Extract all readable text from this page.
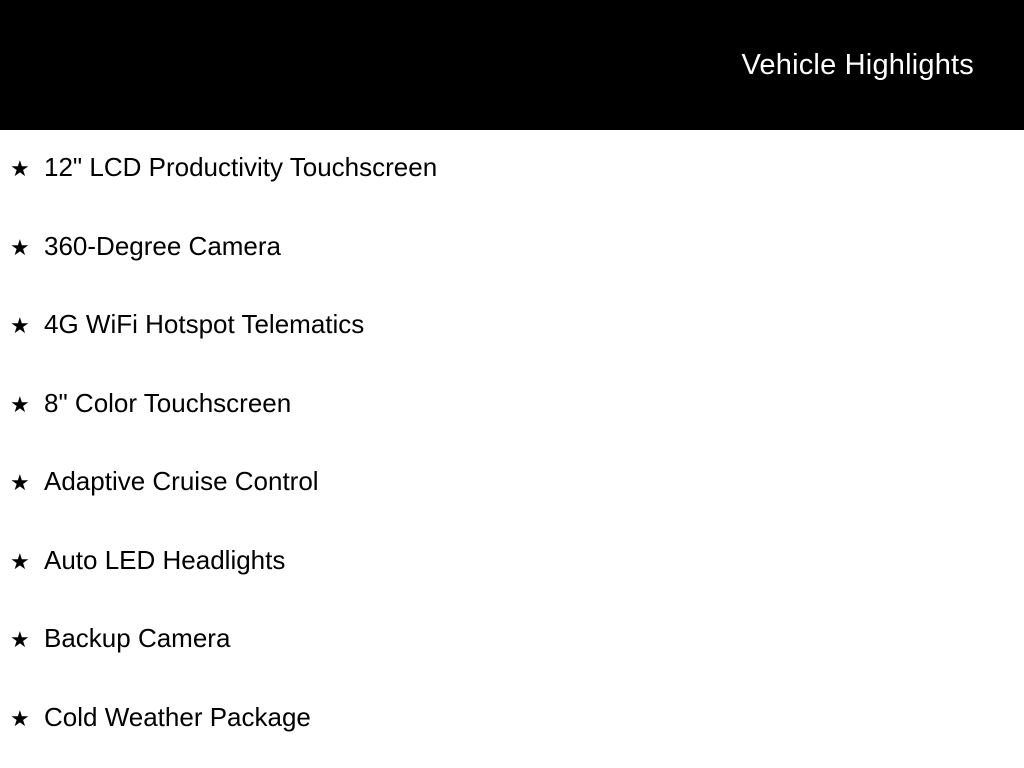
Vehicle Highlights
★ 12" LCD Productivity Touchscreen
★ 360-Degree Camera
★ 4G WiFi Hotspot Telematics
★ 8" Color Touchscreen
★ Adaptive Cruise Control
★ Auto LED Headlights
★ Backup Camera
★ Cold Weather Package
